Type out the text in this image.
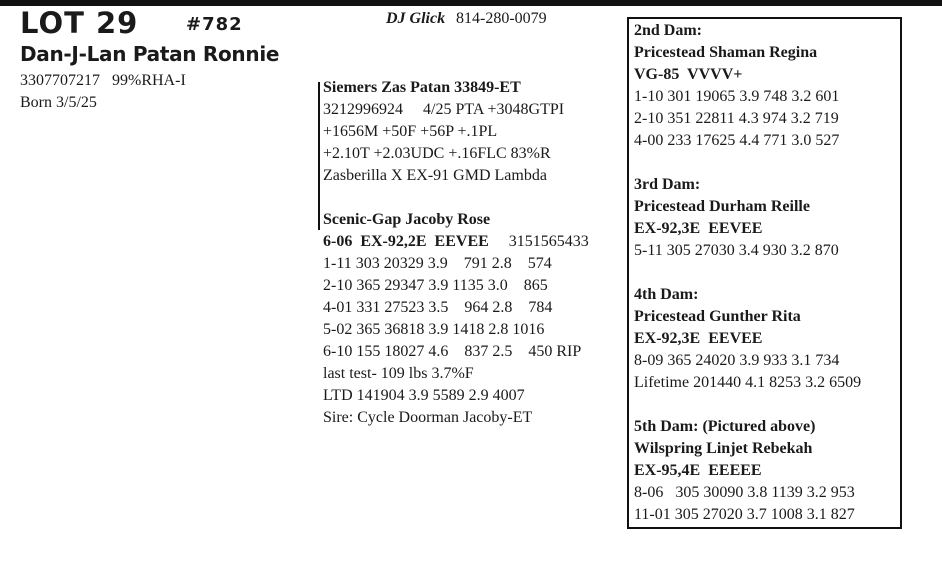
LOT 29	#782
Dan-J-Lan Patan Ronnie
3307707217   99%RHA-I
Born 3/5/25
DJ Glick 814-280-0079
Siemers Zas Patan 33849-ET
3212996924     4/25 PTA +3048GTPI
+1656M +50F +56P +.1PL
+2.10T +2.03UDC +.16FLC 83%R
Zasberilla X EX-91 GMD Lambda
Scenic-Gap Jacoby Rose
6-06  EX-92,2E  EEVEE 3151565433
1-11 303 20329 3.9    791 2.8    574
2-10 365 29347 3.9 1135 3.0    865
4-01 331 27523 3.5    964 2.8    784
5-02 365 36818 3.9 1418 2.8 1016
6-10 155 18027 4.6    837 2.5    450 RIP
last test- 109 lbs 3.7%F
LTD 141904 3.9 5589 2.9 4007
Sire: Cycle Doorman Jacoby-ET
2nd Dam:
Pricestead Shaman Regina
VG-85  VVVV+
1-10 301 19065 3.9 748 3.2 601
2-10 351 22811 4.3 974 3.2 719
4-00 233 17625 4.4 771 3.0 527
3rd Dam:
Pricestead Durham Reille
EX-92,3E  EEVEE
5-11 305 27030 3.4 930 3.2 870
4th Dam:
Pricestead Gunther Rita
EX-92,3E  EEVEE
8-09 365 24020 3.9 933 3.1 734
Lifetime 201440 4.1 8253 3.2 6509
5th Dam: (Pictured above)
Wilspring Linjet Rebekah
EX-95,4E  EEEEE
8-06   305 30090 3.8 1139 3.2 953
11-01 305 27020 3.7 1008 3.1 827
